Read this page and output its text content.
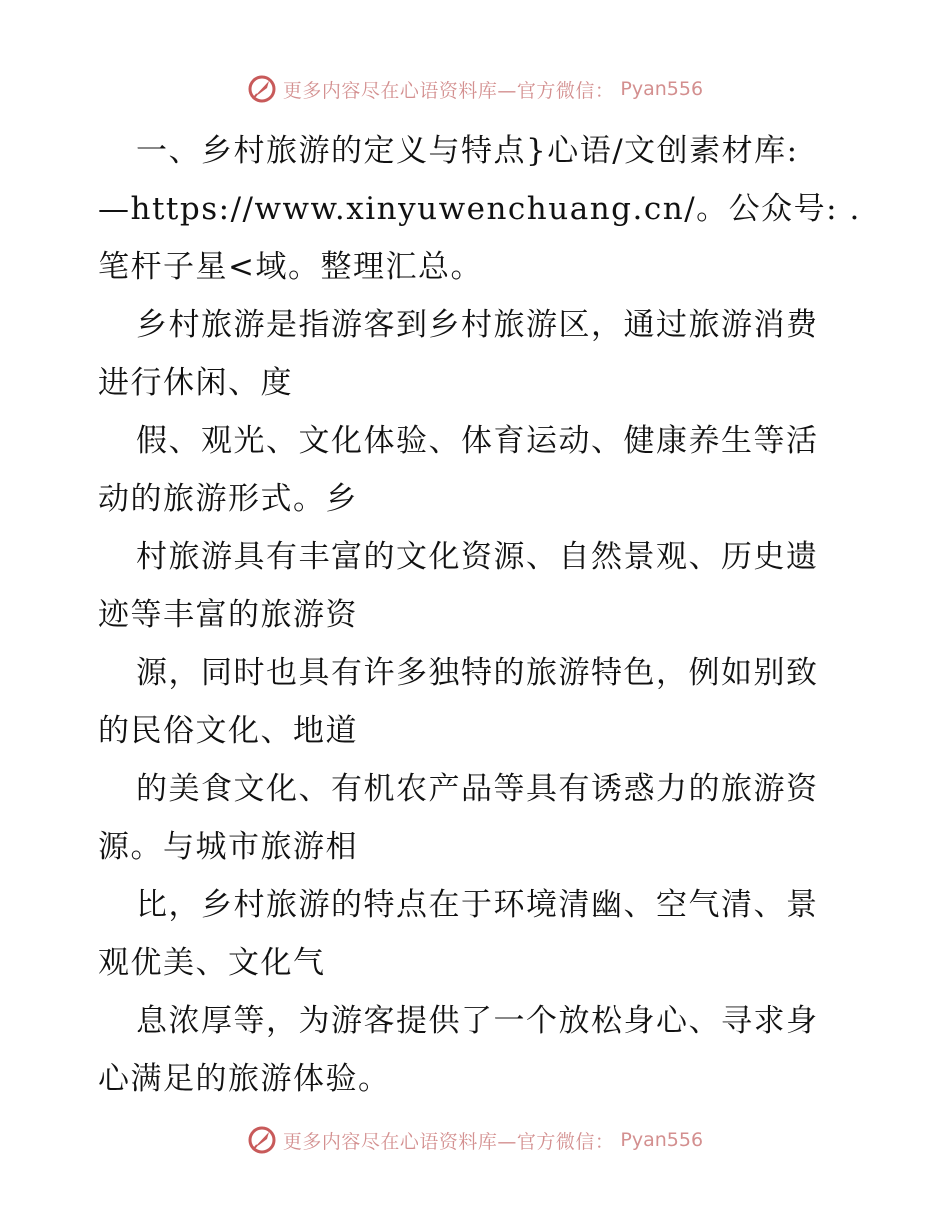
更多内容尽在心语资料库—官方微信： Pyan556
一、乡村旅游的定义与特点}心语/文创素材库:
—https://www.xinyuwenchuang.cn/。公众号: .
笔杆子星<域。整理汇总。
乡村旅游是指游客到乡村旅游区，通过旅游消费
进行休闲、度
假、观光、文化体验、体育运动、健康养生等活
动的旅游形式。乡
村旅游具有丰富的文化资源、自然景观、历史遗
迹等丰富的旅游资
源，同时也具有许多独特的旅游特色，例如别致
的民俗文化、地道
的美食文化、有机农产品等具有诱惑力的旅游资
源。与城市旅游相
比，乡村旅游的特点在于环境清幽、空气清、景
观优美、文化气
息浓厚等，为游客提供了一个放松身心、寻求身
心满足的旅游体验。
更多内容尽在心语资料库—官方微信： Pyan556
